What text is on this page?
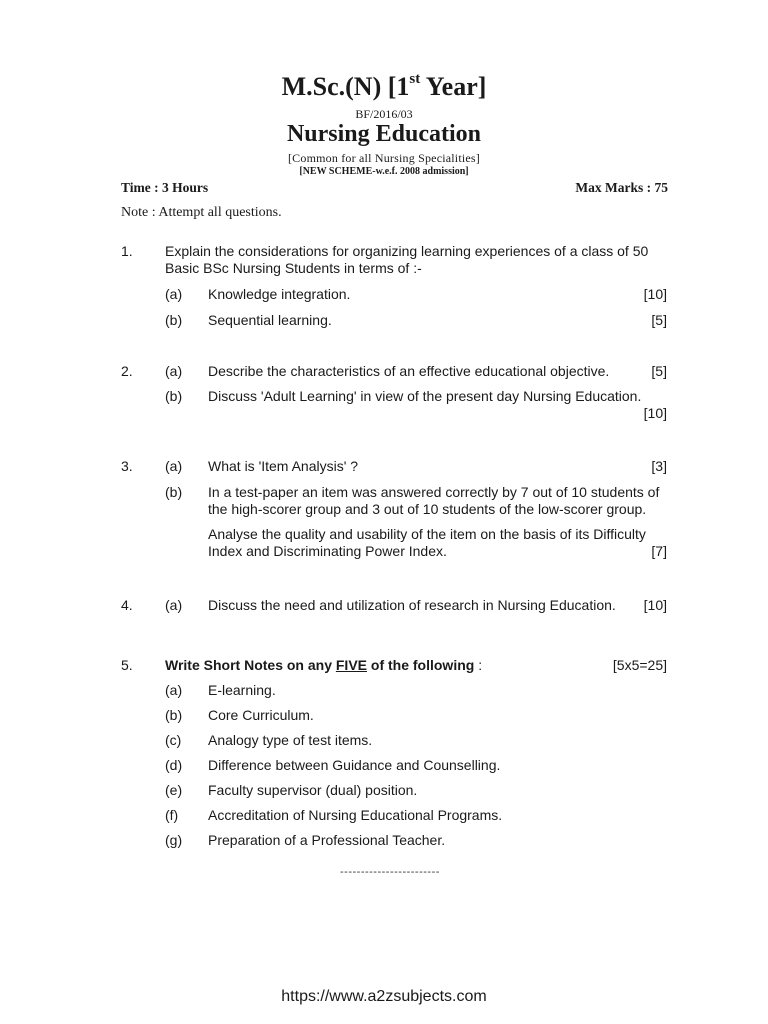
M.Sc.(N) [1st Year]
BF/2016/03
Nursing Education
[Common for all Nursing Specialities]
[NEW SCHEME-w.e.f. 2008 admission]
Time : 3 Hours	Max Marks : 75
Note : Attempt all questions.
1. Explain the considerations for organizing learning experiences of a class of 50
Basic BSc Nursing Students in terms of :-
(a) Knowledge integration.	[10]
(b) Sequential learning.	[5]
2. (a) Describe the characteristics of an effective educational objective.	[5]
(b) Discuss 'Adult Learning' in view of the present day Nursing Education.
[10]
3. (a) What is 'Item Analysis' ?	[3]
(b) In a test-paper an item was answered correctly by 7 out of 10 students of
the high-scorer group and 3 out of 10 students of the low-scorer group.
Analyse the quality and usability of the item on the basis of its Difficulty
Index and Discriminating Power Index.	[7]
4. (a) Discuss the need and utilization of research in Nursing Education. [10]
5. Write Short Notes on any FIVE of the following :	[5x5=25]
(a) E-learning.
(b) Core Curriculum.
(c) Analogy type of test items.
(d) Difference between Guidance and Counselling.
(e) Faculty supervisor (dual) position.
(f) Accreditation of Nursing Educational Programs.
(g) Preparation of a Professional Teacher.
------------------------
https://www.a2zsubjects.com
